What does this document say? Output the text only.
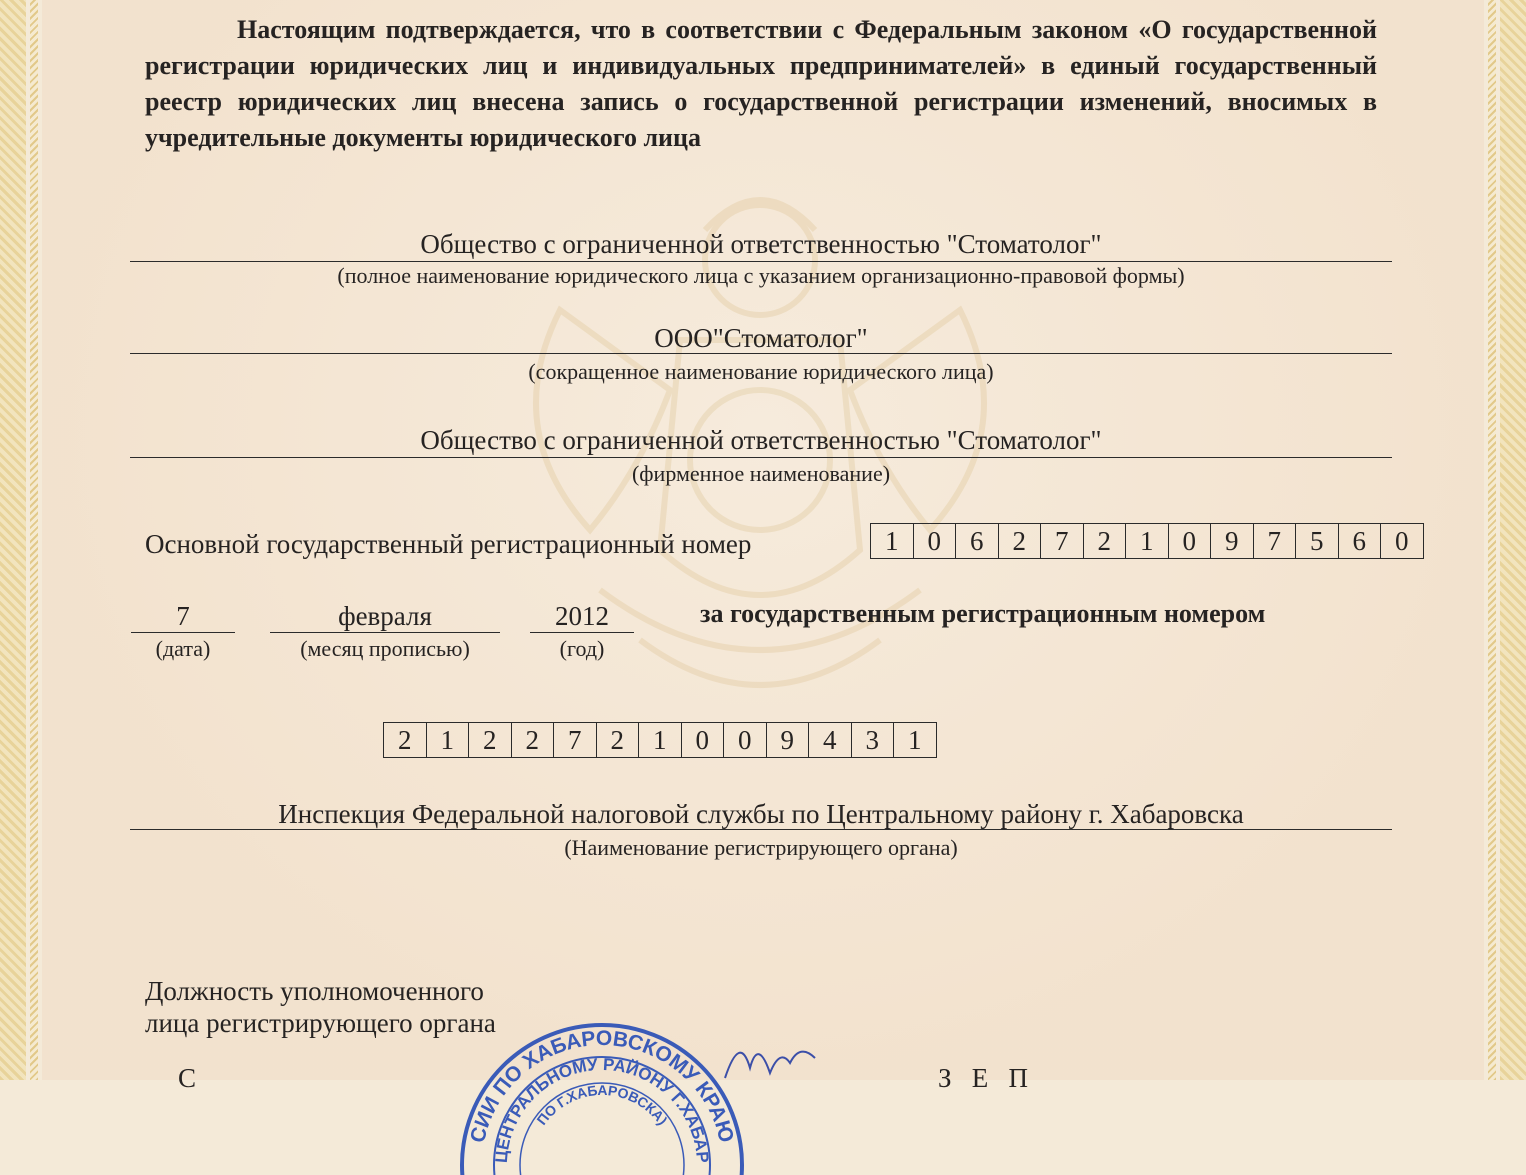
Настоящим подтверждается, что в соответствии с Федеральным законом «О государственной регистрации юридических лиц и индивидуальных предпринимателей» в единый государственный реестр юридических лиц внесена запись о государственной регистрации изменений, вносимых в учредительные документы юридического лица
Общество с ограниченной ответственностью "Стоматолог"
(полное наименование юридического лица с указанием организационно-правовой формы)
ООО"Стоматолог"
(сокращенное наименование юридического лица)
Общество с ограниченной ответственностью "Стоматолог"
(фирменное наименование)
Основной государственный регистрационный номер	1	0	6	2	7	2	1	0	9	7	5	6	0
7
(дата)
февраля
(месяц прописью)
2012
(год)
за государственным регистрационным номером
2	1	2	2	7	2	1	0	0	9	4	3	1
Инспекция Федеральной налоговой службы по Центральному району г. Хабаровска
(Наименование регистрирующего органа)
Должность уполномоченного
лица регистрирующего органа
СИИ ПО ХАБАРОВСКОМУ КРАЮ
ЦЕНТРАЛЬНОМУ РАЙОНУ Г.ХАБАР
ПО Г.ХАБАРОВСКА)
С	З   Е   П
